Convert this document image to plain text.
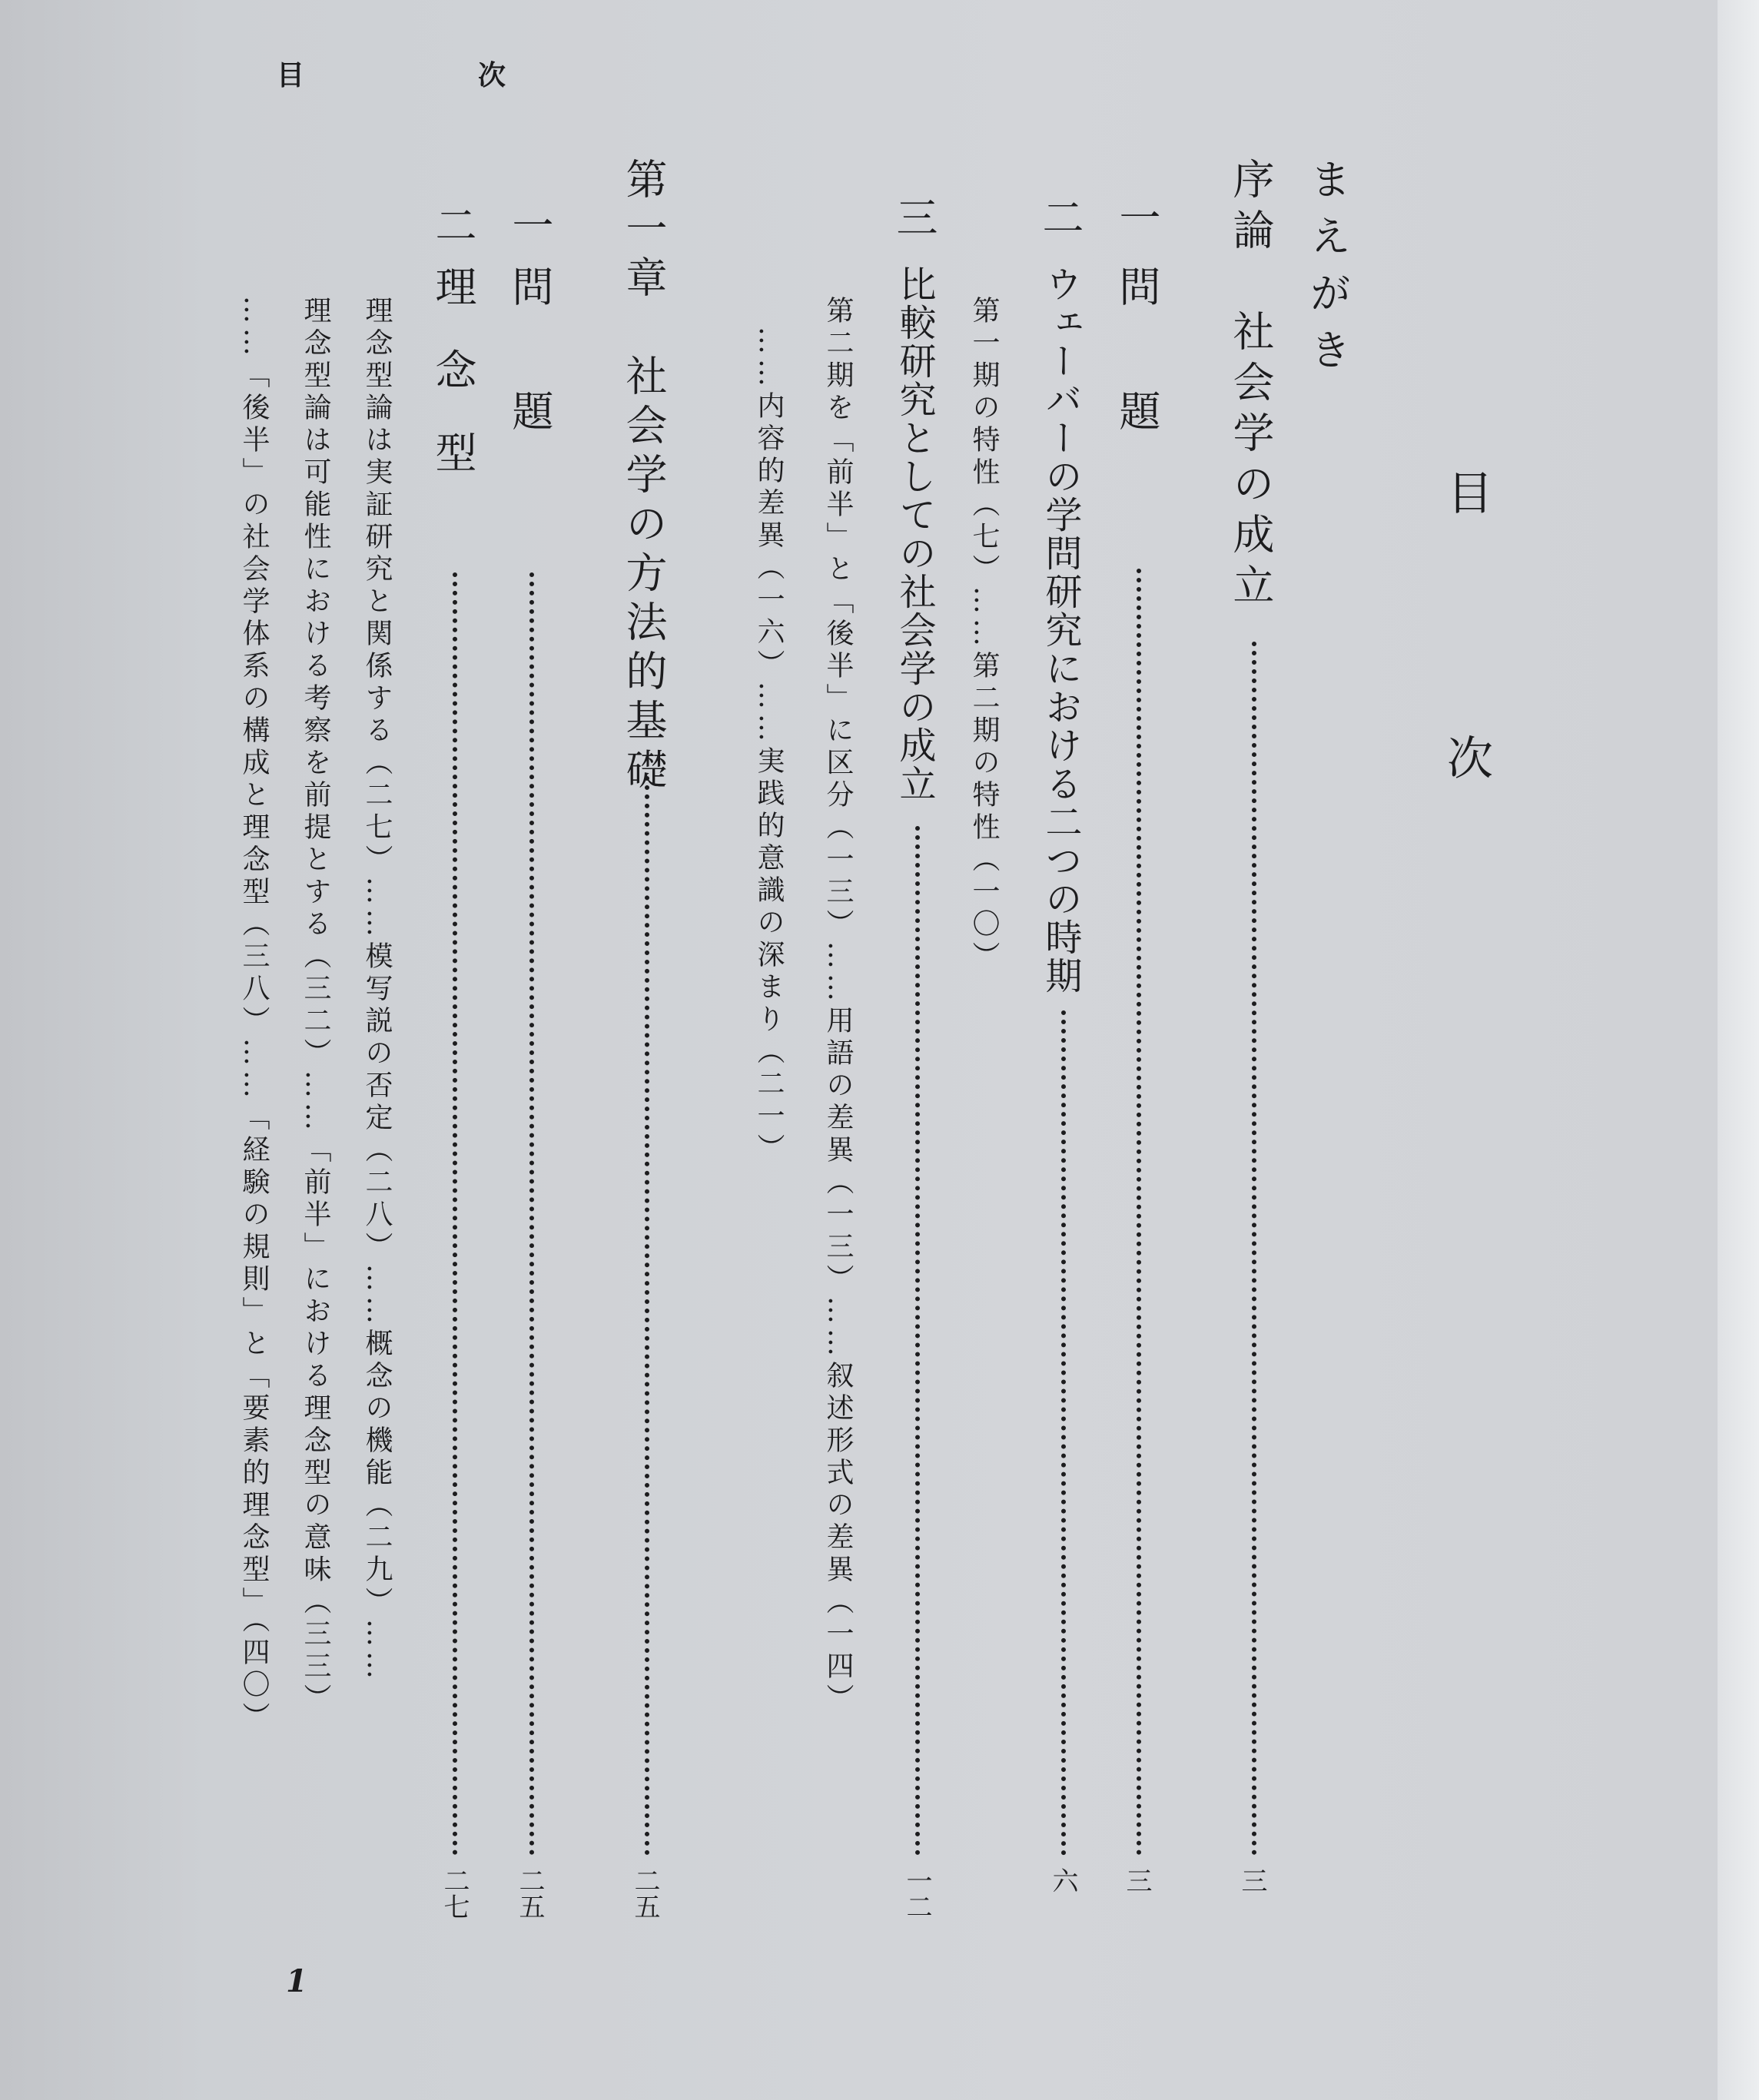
目	次
目
次
まえがき
序論　社会学の成立
三
一
問　　題
三
二
ウェーバーの学問研究における二つの時期
六
第一期の特性（七）……第二期の特性（一〇）
三
比較研究としての社会学の成立
一二
第二期を「前半」と「後半」に区分（一三）……用語の差異（一三）……叙述形式の差異（一四）
……内容的差異（一六）……実践的意識の深まり（二一）
第一章　社会学の方法的基礎
二五
一
問　　題
二五
二
理　念　型
二七
理念型論は実証研究と関係する（二七）……模写説の否定（二八）……概念の機能（二九）……
理念型論は可能性における考察を前提とする（三二）……「前半」における理念型の意味（三三）
……「後半」の社会学体系の構成と理念型（三八）……「経験の規則」と「要素的理念型」（四〇）
1
